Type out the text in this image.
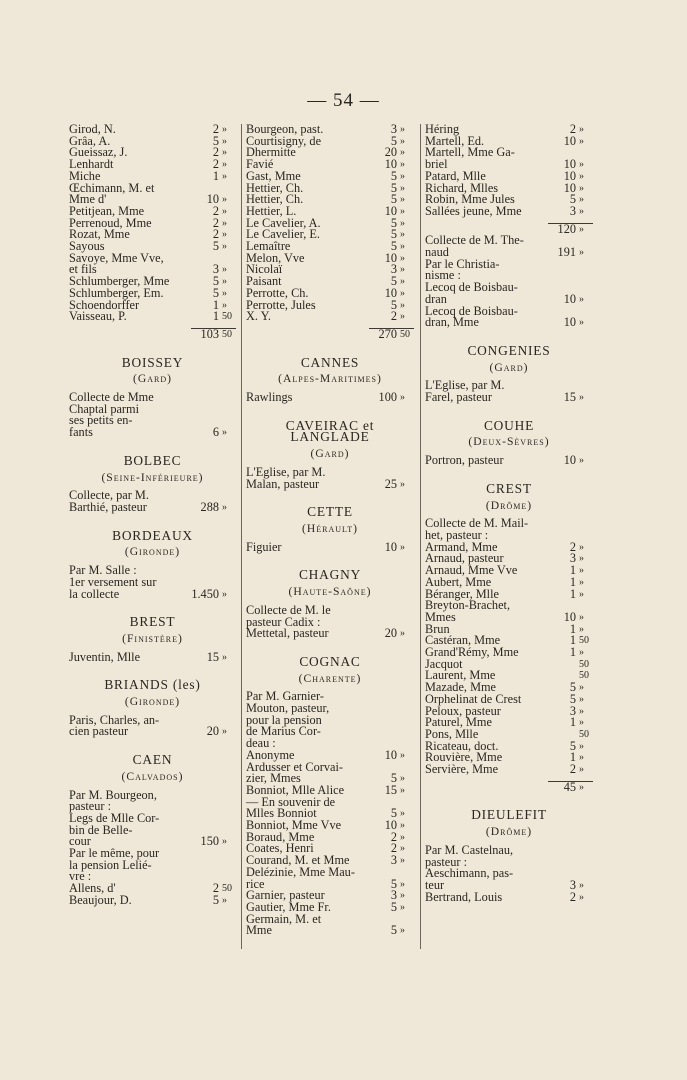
— 54 —
Girod, N.	2 »
Grâa, A.	5 »
Gueissaz, J.	2 »
Lenhardt	2 »
Miche	1 »
Œchimann, M. et
Mme d'	10 »
Petitjean, Mme	2 »
Perrenoud, Mme	2 »
Rozat, Mme	2 »
Sayous	5 »
Savoye, Mme Vve,
et fils	3 »
Schlumberger, Mme	5 »
Schlumberger, Em.	5 »
Schoendorffer	1 »
Vaisseau, P.	1 50
103 50
BOISSEY
(Gard)
Collecte de Mme
Chaptal parmi
ses petits en-
fants	6 »
BOLBEC
(Seine-Inférieure)
Collecte, par M.
Barthié, pasteur	288 »
BORDEAUX
(Gironde)
Par M. Salle :
1er versement sur
la collecte	1.450 »
BREST
(Finistère)
Juventin, Mlle	15 »
BRIANDS (les)
(Gironde)
Paris, Charles, an-
cien pasteur	20 »
CAEN
(Calvados)
Par M. Bourgeon,
pasteur :
Legs de Mlle Cor-
bin de Belle-
cour	150 »
Par le même, pour
la pension Lelié-
vre :
Allens, d'	2 50
Beaujour, D.	5 »
Bourgeon, past.	3 »
Courtisigny, de	5 »
Dhermitte	20 »
Favié	10 »
Gast, Mme	5 »
Hettier, Ch.	5 »
Hettier, Ch.	5 »
Hettier, L.	10 »
Le Cavelier, A.	5 »
Le Cavelier, E.	5 »
Lemaître	5 »
Melon, Vve	10 »
Nicolaï	3 »
Paisant	5 »
Perrotte, Ch.	10 »
Perrotte, Jules	5 »
X. Y.	2 »
270 50
CANNES
(Alpes-Maritimes)
Rawlings	100 »
CAVEIRAC et LANGLADE
(Gard)
L'Eglise, par M.
Malan, pasteur	25 »
CETTE
(Hérault)
Figuier	10 »
CHAGNY
(Haute-Saône)
Collecte de M. le
pasteur Cadix :
Mettetal, pasteur	20 »
COGNAC
(Charente)
Par M. Garnier-
Mouton, pasteur,
pour la pension
de Marius Cor-
deau :
Anonyme	10 »
Ardusser et Corvai-
zier, Mmes	5 »
Bonniot, Mlle Alice	15 »
— En souvenir de
Mlles Bonniot	5 »
Bonniot, Mme Vve	10 »
Boraud, Mme	2 »
Coates, Henri	2 »
Courand, M. et Mme	3 »
Delézinie, Mme Mau-
rice	5 »
Garnier, pasteur	3 »
Gautier, Mme Fr.	5 »
Germain, M. et
Mme	5 »
Héring	2 »
Martell, Ed.	10 »
Martell, Mme Ga-
briel	10 »
Patard, Mlle	10 »
Richard, Mlles	10 »
Robin, Mme Jules	5 »
Sallées jeune, Mme	3 »
120 »
Collecte de M. The-
naud	191 »
Par le Christia-
nisme :
Lecoq de Boisbau-
dran	10 »
Lecoq de Boisbau-
dran, Mme	10 »
CONGENIES
(Gard)
L'Eglise, par M.
Farel, pasteur	15 »
COUHE
(Deux-Sèvres)
Portron, pasteur	10 »
CREST
(Drôme)
Collecte de M. Mail-
het, pasteur :
Armand, Mme	2 »
Arnaud, pasteur	3 »
Arnaud, Mme Vve	1 »
Aubert, Mme	1 »
Béranger, Mlle	1 »
Breyton-Brachet,
Mmes	10 »
Brun	1 »
Castéran, Mme	1 50
Grand'Rémy, Mme	1 »
Jacquot	50
Laurent, Mme	50
Mazade, Mme	5 »
Orphelinat de Crest	5 »
Peloux, pasteur	3 »
Paturel, Mme	1 »
Pons, Mlle	50
Ricateau, doct.	5 »
Rouvière, Mme	1 »
Servière, Mme	2 »
45 »
DIEULEFIT
(Drôme)
Par M. Castelnau,
pasteur :
Aeschimann, pas-
teur	3 »
Bertrand, Louis	2 »
